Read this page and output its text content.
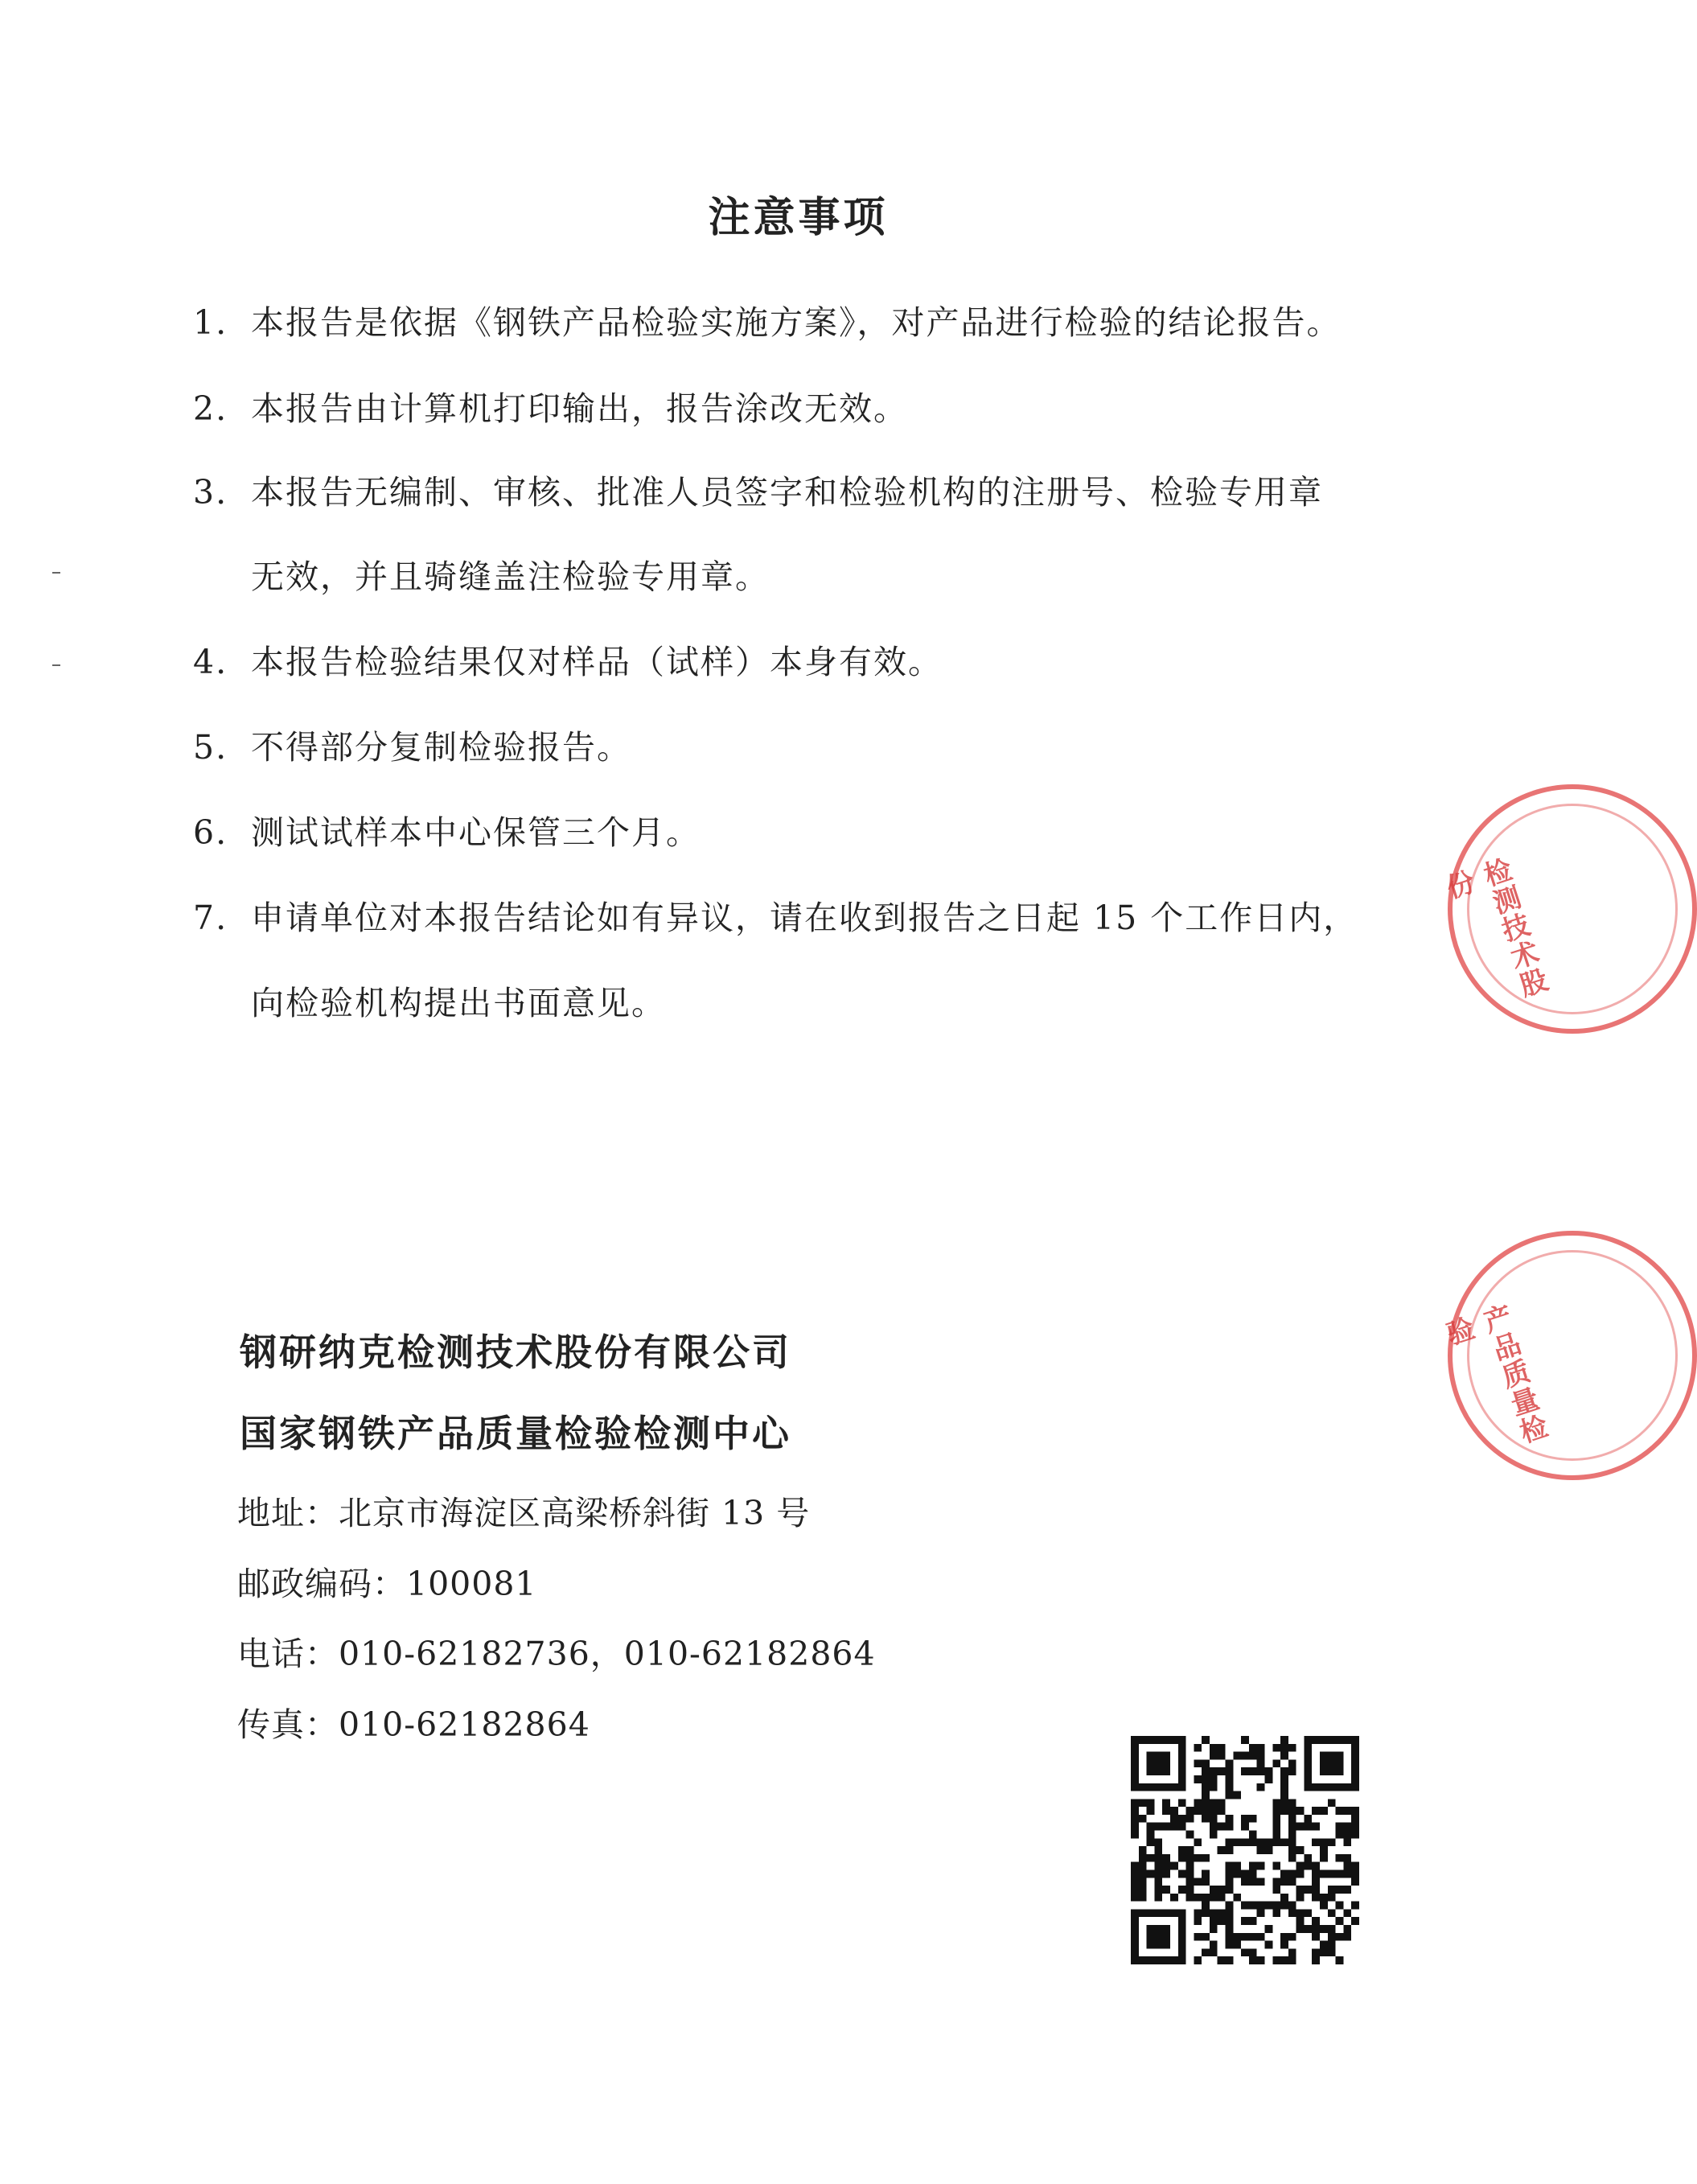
注意事项
1. 本报告是依据《钢铁产品检验实施方案》，对产品进行检验的结论报告。
2. 本报告由计算机打印输出，报告涂改无效。
3. 本报告无编制、审核、批准人员签字和检验机构的注册号、检验专用章
无效，并且骑缝盖注检验专用章。
4. 本报告检验结果仅对样品（试样）本身有效。
5. 不得部分复制检验报告。
6. 测试试样本中心保管三个月。
7. 申请单位对本报告结论如有异议，请在收到报告之日起 15 个工作日内，
向检验机构提出书面意见。
钢研纳克检测技术股份有限公司
国家钢铁产品质量检验检测中心
地址：北京市海淀区高梁桥斜街 13 号
邮政编码：100081
电话：010-62182736，010-62182864
传真：010-62182864
检测技术股份
产品质量检验
